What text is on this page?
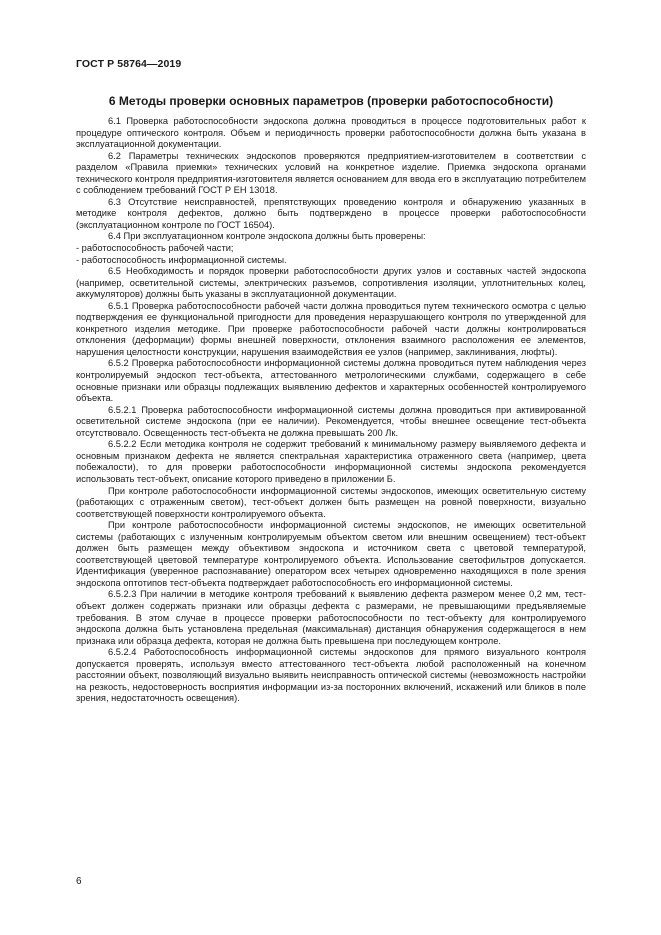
ГОСТ Р 58764—2019
6 Методы проверки основных параметров (проверки работоспособности)

6.1 Проверка работоспособности эндоскопа должна проводиться в процессе подготовительных работ к процедуре оптического контроля. Объем и периодичность проверки работоспособности должна быть указана в эксплуатационной документации.

6.2 Параметры технических эндоскопов проверяются предприятием-изготовителем в соответствии с разделом «Правила приемки» технических условий на конкретное изделие. Приемка эндоскопа органами технического контроля предприятия-изготовителя является основанием для ввода его в эксплуатацию потребителем с соблюдением требований ГОСТ Р ЕН 13018.

6.3 Отсутствие неисправностей, препятствующих проведению контроля и обнаружению указанных в методике контроля дефектов, должно быть подтверждено в процессе проверки работоспособности (эксплуатационном контроле по ГОСТ 16504).

6.4 При эксплуатационном контроле эндоскопа должны быть проверены:

- работоспособность рабочей части;

- работоспособность информационной системы.

6.5 Необходимость и порядок проверки работоспособности других узлов и составных частей эндоскопа (например, осветительной системы, электрических разъемов, сопротивления изоляции, уплотнительных колец, аккумуляторов) должны быть указаны в эксплуатационной документации.

6.5.1 Проверка работоспособности рабочей части должна проводиться путем технического осмотра с целью подтверждения ее функциональной пригодности для проведения неразрушающего контроля по утвержденной для конкретного изделия методике. При проверке работоспособности рабочей части должны контролироваться отклонения (деформации) формы внешней поверхности, отклонения взаимного расположения ее элементов, нарушения целостности конструкции, нарушения взаимодействия ее узлов (например, заклинивания, люфты).

6.5.2 Проверка работоспособности информационной системы должна проводиться путем наблюдения через контролируемый эндоскоп тест-объекта, аттестованного метрологическими службами, содержащего в себе основные признаки или образцы подлежащих выявлению дефектов и характерных особенностей контролируемого объекта.

6.5.2.1 Проверка работоспособности информационной системы должна проводиться при активированной осветительной системе эндоскопа (при ее наличии). Рекомендуется, чтобы внешнее освещение тест-объекта отсутствовало. Освещенность тест-объекта не должна превышать 200 Лк.

6.5.2.2 Если методика контроля не содержит требований к минимальному размеру выявляемого дефекта и основным признаком дефекта не является спектральная характеристика отраженного света (например, цвета побежалости), то для проверки работоспособности информационной системы эндоскопа рекомендуется использовать тест-объект, описание которого приведено в приложении Б.

При контроле работоспособности информационной системы эндоскопов, имеющих осветительную систему (работающих с отраженным светом), тест-объект должен быть размещен на ровной поверхности, визуально соответствующей поверхности контролируемого объекта.

При контроле работоспособности информационной системы эндоскопов, не имеющих осветительной системы (работающих с излученным контролируемым объектом светом или внешним освещением) тест-объект должен быть размещен между объективом эндоскопа и источником света с цветовой температурой, соответствующей цветовой температуре контролируемого объекта. Использование светофильтров допускается. Идентификация (уверенное распознавание) оператором всех четырех одновременно находящихся в поле зрения эндоскопа оптотипов тест-объекта подтверждает работоспособность его информационной системы.

6.5.2.3 При наличии в методике контроля требований к выявлению дефекта размером менее 0,2 мм, тест-объект должен содержать признаки или образцы дефекта с размерами, не превышающими предъявляемые требования. В этом случае в процессе проверки работоспособности по тест-объекту для контролируемого эндоскопа должна быть установлена предельная (максимальная) дистанция обнаружения содержащегося в нем признака или образца дефекта, которая не должна быть превышена при последующем контроле.

6.5.2.4 Работоспособность информационной системы эндоскопов для прямого визуального контроля допускается проверять, используя вместо аттестованного тест-объекта любой расположенный на конечном расстоянии объект, позволяющий визуально выявить неисправность оптической системы (невозможность настройки на резкость, недостоверность восприятия информации из-за посторонних включений, искажений или бликов в поле зрения, недостаточность освещения).

6
